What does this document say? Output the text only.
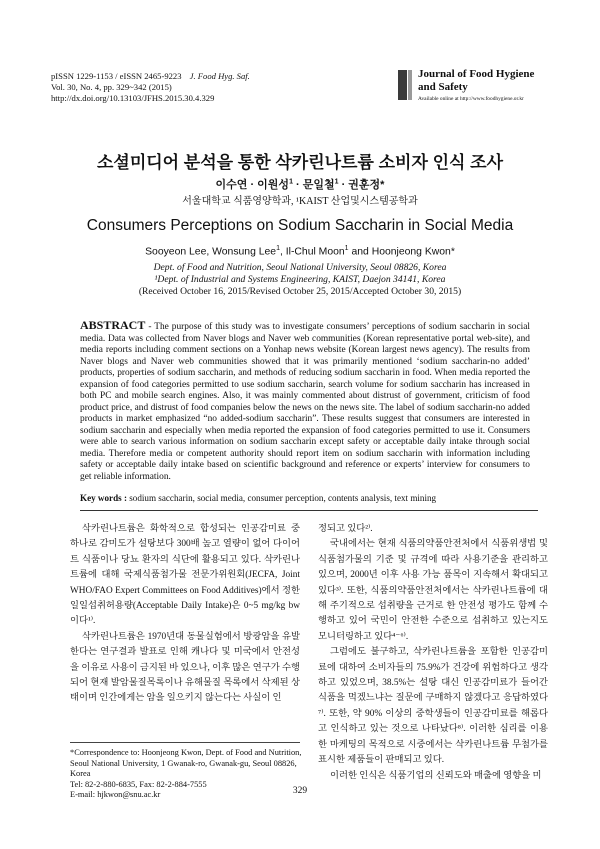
pISSN 1229-1153 / eISSN 2465-9223 J. Food Hyg. Saf.
Vol. 30, No. 4, pp. 329~342 (2015)
http://dx.doi.org/10.13103/JFHS.2015.30.4.329
Journal of Food Hygiene
and Safety
Available online at http://www.foodhygiene.or.kr
소셜미디어 분석을 통한 삭카린나트륨 소비자 인식 조사
이수연 · 이원성$^1$ · 문일철$^1$ · 권훈정*
서울대학교 식품영양학과, ¹KAIST 산업및시스템공학과
Consumers Perceptions on Sodium Saccharin in Social Media
Sooyeon Lee, Wonsung Lee$^1$, Il-Chul Moon$^1$ and Hoonjeong Kwon*
Dept. of Food and Nutrition, Seoul National University, Seoul 08826, Korea
¹Dept. of Industrial and Systems Engineering, KAIST, Daejon 34141, Korea
(Received October 16, 2015/Revised October 25, 2015/Accepted October 30, 2015)
ABSTRACT - The purpose of this study was to investigate consumers’ perceptions of sodium saccharin in social media. Data was collected from Naver blogs and Naver web communities (Korean representative portal web-site), and media reports including comment sections on a Yonhap news website (Korean largest news agency). The results from Naver blogs and Naver web communities showed that it was primarily mentioned ‘sodium saccharin-no added’ products, properties of sodium saccharin, and methods of reducing sodium saccharin in food. When media reported the expansion of food categories permitted to use sodium saccharin, search volume for sodium saccharin has increased in both PC and mobile search engines. Also, it was mainly commented about distrust of government, criticism of food product price, and distrust of food companies below the news on the news site. The label of sodium saccharin-no added products in market emphasized “no added-sodium saccharin”. These results suggest that consumers are interested in sodium saccharin and especially when media reported the expansion of food categories permitted to use it. Consumers were able to search various information on sodium saccharin except safety or acceptable daily intake through social media. Therefore media or competent authority should report item on sodium saccharin with information including safety or acceptable daily intake based on scientific background and reference or experts’ interview for consumers to get reliable information.
Key words : sodium saccharin, social media, consumer perception, contents analysis, text mining

삭카린나트륨은 화학적으로 합성되는 인공감미료 중 하나로 감미도가 설탕보다 300배 높고 열량이 없어 다이어트 식품이나 당뇨 환자의 식단에 활용되고 있다. 삭카린나트륨에 대해 국제식품첨가물 전문가위원회(JECFA, Joint WHO/FAO Expert Committees on Food Additives)에서 정한 일일섭취허용량(Acceptable Daily Intake)은 0~5 mg/kg bw이다¹⁾.

삭카린나트륨은 1970년대 동물실험에서 방광암을 유발한다는 연구결과 발표로 인해 캐나다 및 미국에서 안전성을 이유로 사용이 금지된 바 있으나, 이후 많은 연구가 수행되어 현재 발암물질목록이나 유해물질 목록에서 삭제된 상태이며 인간에게는 암을 일으키지 않는다는 사실이 인

정되고 있다²⁾.

국내에서는 현재 식품의약품안전처에서 식품위생법 및 식품첨가물의 기준 및 규격에 따라 사용기준을 관리하고 있으며, 2000년 이후 사용 가능 품목이 지속해서 확대되고 있다³⁾. 또한, 식품의약품안전처에서는 삭카린나트륨에 대해 주기적으로 섭취량을 근거로 한 안전성 평가도 함께 수행하고 있어 국민이 안전한 수준으로 섭취하고 있는지도 모니터링하고 있다⁴⁻⁶⁾.

그럼에도 불구하고, 삭카린나트륨을 포함한 인공감미료에 대하여 소비자들의 75.9%가 건강에 위험하다고 생각하고 있었으며, 38.5%는 설탕 대신 인공감미료가 들어간 식품을 먹겠느냐는 질문에 구매하지 않겠다고 응답하였다⁷⁾. 또한, 약 90% 이상의 중학생들이 인공감미료를 해롭다고 인식하고 있는 것으로 나타났다⁸⁾. 이러한 심리를 이용한 마케팅의 목적으로 시중에서는 삭카린나트륨 무첨가를 표시한 제품들이 판매되고 있다.

이러한 인식은 식품기업의 신뢰도와 매출에 영향을 미

*Correspondence to: Hoonjeong Kwon, Dept. of Food and Nutrition, Seoul National University, 1 Gwanak-ro, Gwanak-gu, Seoul 08826, Korea
Tel: 82-2-880-6835, Fax: 82-2-884-7555
E-mail: hjkwon@snu.ac.kr	329
